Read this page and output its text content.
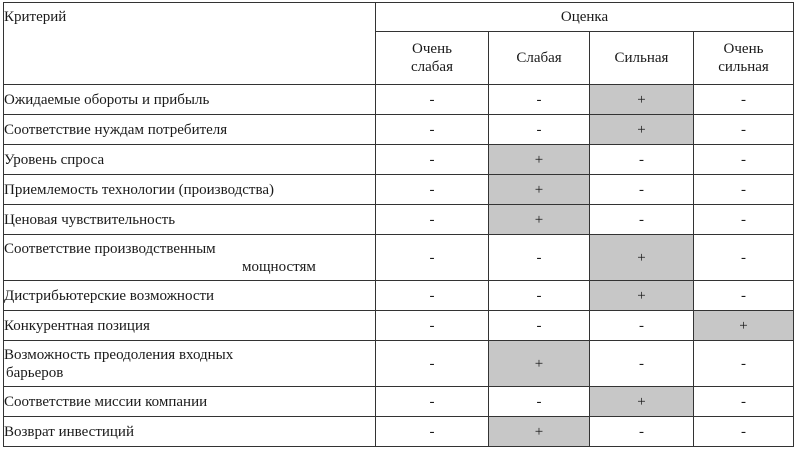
Критерий	Оценка			
	Очень
слабая	Слабая	Сильная	Очень
сильная

Ожидаемые обороты и прибыль	-	-	+	-

Соответствие нуждам потребителя	-	-	+	-

Уровень спроса	-	+	-	-

Приемлемость технологии (производства)	-	+	-	-

Ценовая чувствительность	-	+	-	-

Соответствие производственным
мощностям	-	-	+	-

Дистрибьютерские возможности	-	-	+	-

Конкурентная позиция	-	-	-	+

Возможность преодоления входных
барьеров	-	+	-	-

Соответствие миссии компании	-	-	+	-

Возврат инвестиций	-	+	-	-
